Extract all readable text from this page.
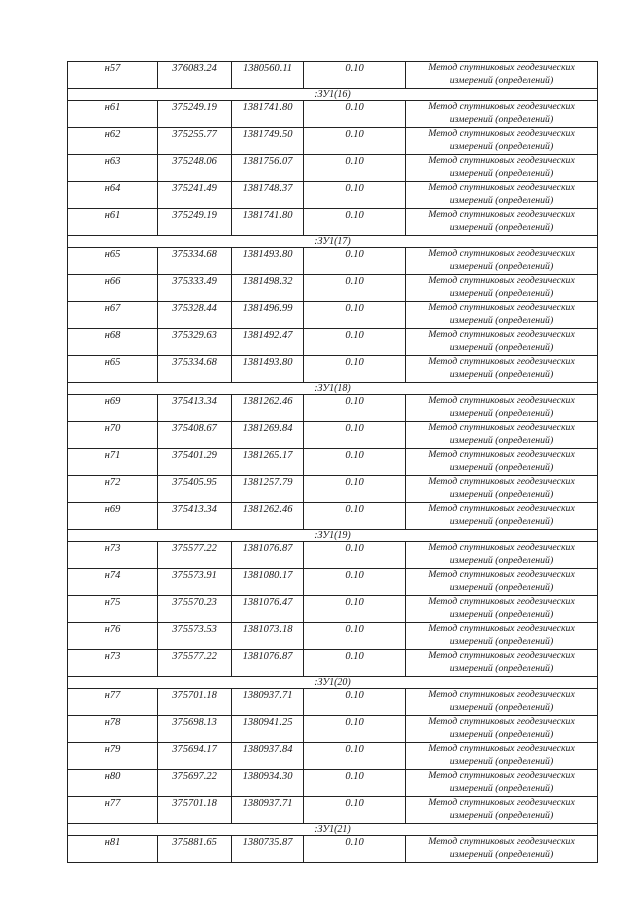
н57	376083.24	1380560.11	0.10	Метод спутниковых геодезических измерений (определений)
:ЗУ1(16)				
н61	375249.19	1381741.80	0.10	Метод спутниковых геодезических измерений (определений)
н62	375255.77	1381749.50	0.10	Метод спутниковых геодезических измерений (определений)
н63	375248.06	1381756.07	0.10	Метод спутниковых геодезических измерений (определений)
н64	375241.49	1381748.37	0.10	Метод спутниковых геодезических измерений (определений)
н61	375249.19	1381741.80	0.10	Метод спутниковых геодезических измерений (определений)
:ЗУ1(17)				
н65	375334.68	1381493.80	0.10	Метод спутниковых геодезических измерений (определений)
н66	375333.49	1381498.32	0.10	Метод спутниковых геодезических измерений (определений)
н67	375328.44	1381496.99	0.10	Метод спутниковых геодезических измерений (определений)
н68	375329.63	1381492.47	0.10	Метод спутниковых геодезических измерений (определений)
н65	375334.68	1381493.80	0.10	Метод спутниковых геодезических измерений (определений)
:ЗУ1(18)				
н69	375413.34	1381262.46	0.10	Метод спутниковых геодезических измерений (определений)
н70	375408.67	1381269.84	0.10	Метод спутниковых геодезических измерений (определений)
н71	375401.29	1381265.17	0.10	Метод спутниковых геодезических измерений (определений)
н72	375405.95	1381257.79	0.10	Метод спутниковых геодезических измерений (определений)
н69	375413.34	1381262.46	0.10	Метод спутниковых геодезических измерений (определений)
:ЗУ1(19)				
н73	375577.22	1381076.87	0.10	Метод спутниковых геодезических измерений (определений)
н74	375573.91	1381080.17	0.10	Метод спутниковых геодезических измерений (определений)
н75	375570.23	1381076.47	0.10	Метод спутниковых геодезических измерений (определений)
н76	375573.53	1381073.18	0.10	Метод спутниковых геодезических измерений (определений)
н73	375577.22	1381076.87	0.10	Метод спутниковых геодезических измерений (определений)
:ЗУ1(20)				
н77	375701.18	1380937.71	0.10	Метод спутниковых геодезических измерений (определений)
н78	375698.13	1380941.25	0.10	Метод спутниковых геодезических измерений (определений)
н79	375694.17	1380937.84	0.10	Метод спутниковых геодезических измерений (определений)
н80	375697.22	1380934.30	0.10	Метод спутниковых геодезических измерений (определений)
н77	375701.18	1380937.71	0.10	Метод спутниковых геодезических измерений (определений)
:ЗУ1(21)				
н81	375881.65	1380735.87	0.10	Метод спутниковых геодезических измерений (определений)
